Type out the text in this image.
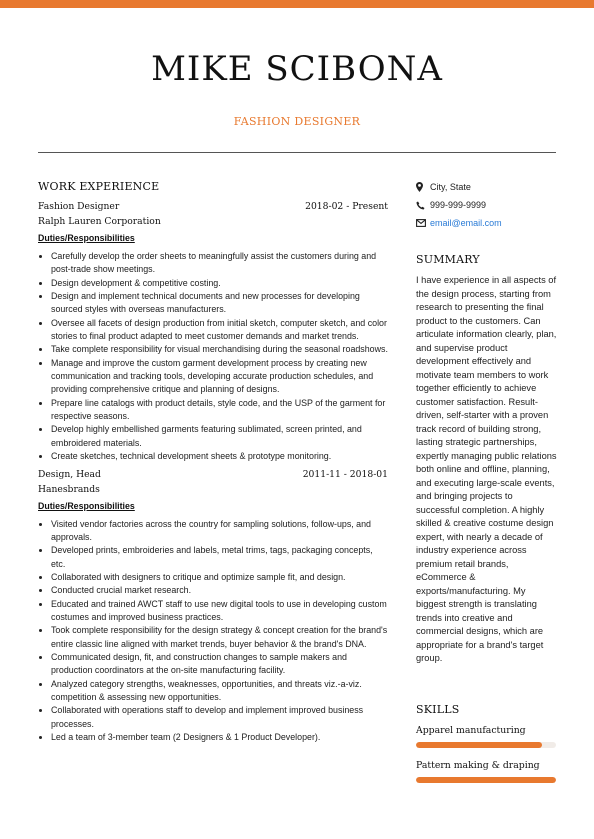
MIKE SCIBONA
FASHION DESIGNER
WORK EXPERIENCE
Fashion Designer	2018-02 - Present
Ralph Lauren Corporation
Duties/Responsibilities
• Carefully develop the order sheets to meaningfully assist the customers during and post-trade show meetings.
• Design development & competitive costing.
• Design and implement technical documents and new processes for developing sourced styles with overseas manufacturers.
• Oversee all facets of design production from initial sketch, computer sketch, and color stories to final product adapted to meet customer demands and market trends.
• Take complete responsibility for visual merchandising during the seasonal roadshows.
• Manage and improve the custom garment development process by creating new communication and tracking tools, developing accurate production schedules, and providing comprehensive critique and planning of designs.
• Prepare line catalogs with product details, style code, and the USP of the garment for respective seasons.
• Develop highly embellished garments featuring sublimated, screen printed, and embroidered materials.
• Create sketches, technical development sheets & prototype monitoring.
Design, Head	2011-11 - 2018-01
Hanesbrands
Duties/Responsibilities
• Visited vendor factories across the country for sampling solutions, follow-ups, and approvals.
• Developed prints, embroideries and labels, metal trims, tags, packaging concepts, etc.
• Collaborated with designers to critique and optimize sample fit, and design.
• Conducted crucial market research.
• Educated and trained AWCT staff to use new digital tools to use in developing custom costumes and improved business practices.
• Took complete responsibility for the design strategy & concept creation for the brand's entire classic line aligned with market trends, buyer behavior & the brand's DNA.
• Communicated design, fit, and construction changes to sample makers and production coordinators at the on-site manufacturing facility.
• Analyzed category strengths, weaknesses, opportunities, and threats viz.-a-viz. competition & assessing new opportunities.
• Collaborated with operations staff to develop and implement improved business processes.
• Led a team of 3-member team (2 Designers & 1 Product Developer).
City, State
999-999-9999
email@email.com
SUMMARY
I have experience in all aspects of the design process, starting from research to presenting the final product to the customers. Can articulate information clearly, plan, and supervise product development effectively and motivate team members to work together efficiently to achieve customer satisfaction. Result-driven, self-starter with a proven track record of building strong, lasting strategic partnerships, expertly managing public relations both online and offline, planning, and executing large-scale events, and bringing projects to successful completion. A highly skilled & creative costume design expert, with nearly a decade of industry experience across premium retail brands, eCommerce & exports/manufacturing. My biggest strength is translating trends into creative and commercial designs, which are appropriate for a brand's target group.
SKILLS
Apparel manufacturing
Pattern making & draping
